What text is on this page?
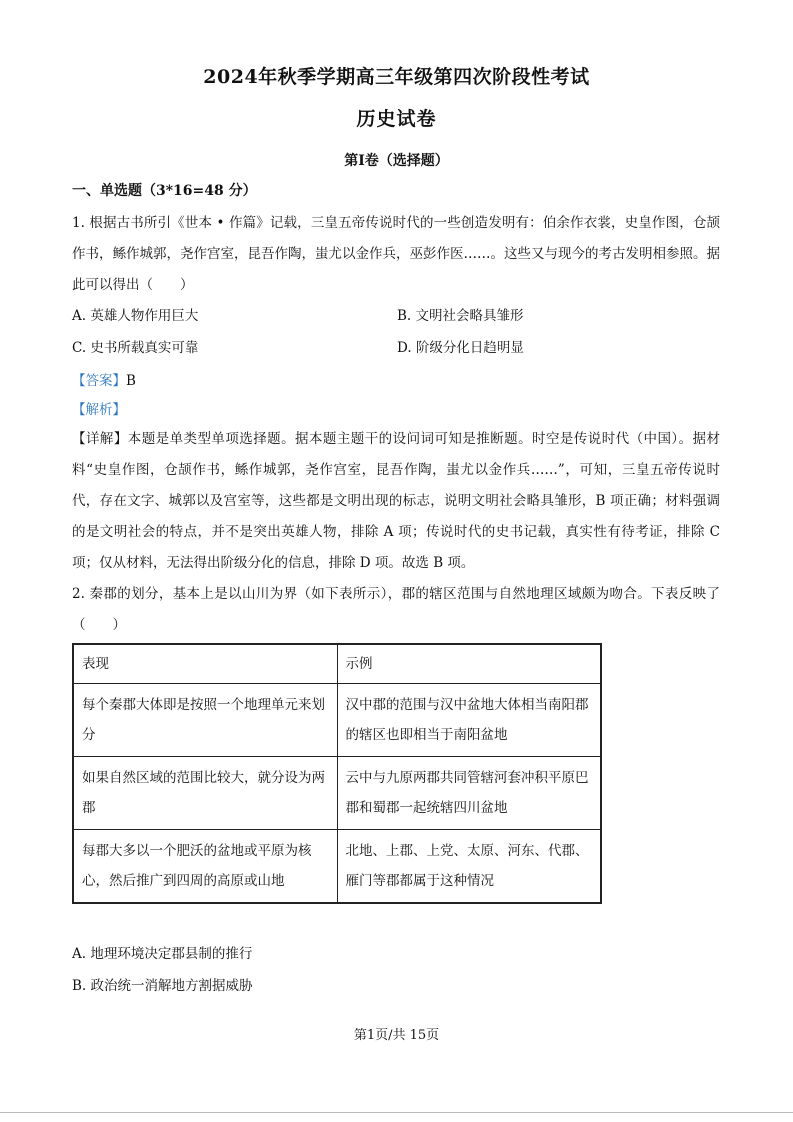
2024年秋季学期高三年级第四次阶段性考试
历史试卷
第Ⅰ卷（选择题）
一、单选题（3*16=48 分）

1. 根据古书所引《世本 • 作篇》记载，三皇五帝传说时代的一些创造发明有：伯余作衣裳，史皇作图，仓颉作书，鲧作城郭，尧作宫室，昆吾作陶，蚩尤以金作兵，巫彭作医……。这些又与现今的考古发明相参照。据此可以得出（　　）

A. 英雄人物作用巨大	B. 文明社会略具雏形
C. 史书所载真实可靠	D. 阶级分化日趋明显
【答案】B
【解析】

【详解】本题是单类型单项选择题。据本题主题干的设问词可知是推断题。时空是传说时代（中国）。据材料“史皇作图，仓颉作书，鲧作城郭，尧作宫室，昆吾作陶，蚩尤以金作兵……”，可知，三皇五帝传说时代，存在文字、城郭以及宫室等，这些都是文明出现的标志，说明文明社会略具雏形，B 项正确；材料强调的是文明社会的特点，并不是突出英雄人物，排除 A 项；传说时代的史书记载，真实性有待考证，排除 C 项；仅从材料，无法得出阶级分化的信息，排除 D 项。故选 B 项。

2. 秦郡的划分，基本上是以山川为界（如下表所示），郡的辖区范围与自然地理区域颇为吻合。下表反映了（　　）

表现	示例
每个秦郡大体即是按照一个地理单元来划分	汉中郡的范围与汉中盆地大体相当南阳郡的辖区也即相当于南阳盆地
如果自然区域的范围比较大，就分设为两郡	云中与九原两郡共同管辖河套冲积平原巴郡和蜀郡一起统辖四川盆地
每郡大多以一个肥沃的盆地或平原为核心，然后推广到四周的高原或山地	北地、上郡、上党、太原、河东、代郡、雁门等郡都属于这种情况
A. 地理环境决定郡县制的推行
B. 政治统一消解地方割据威胁
第1页/共 15页
